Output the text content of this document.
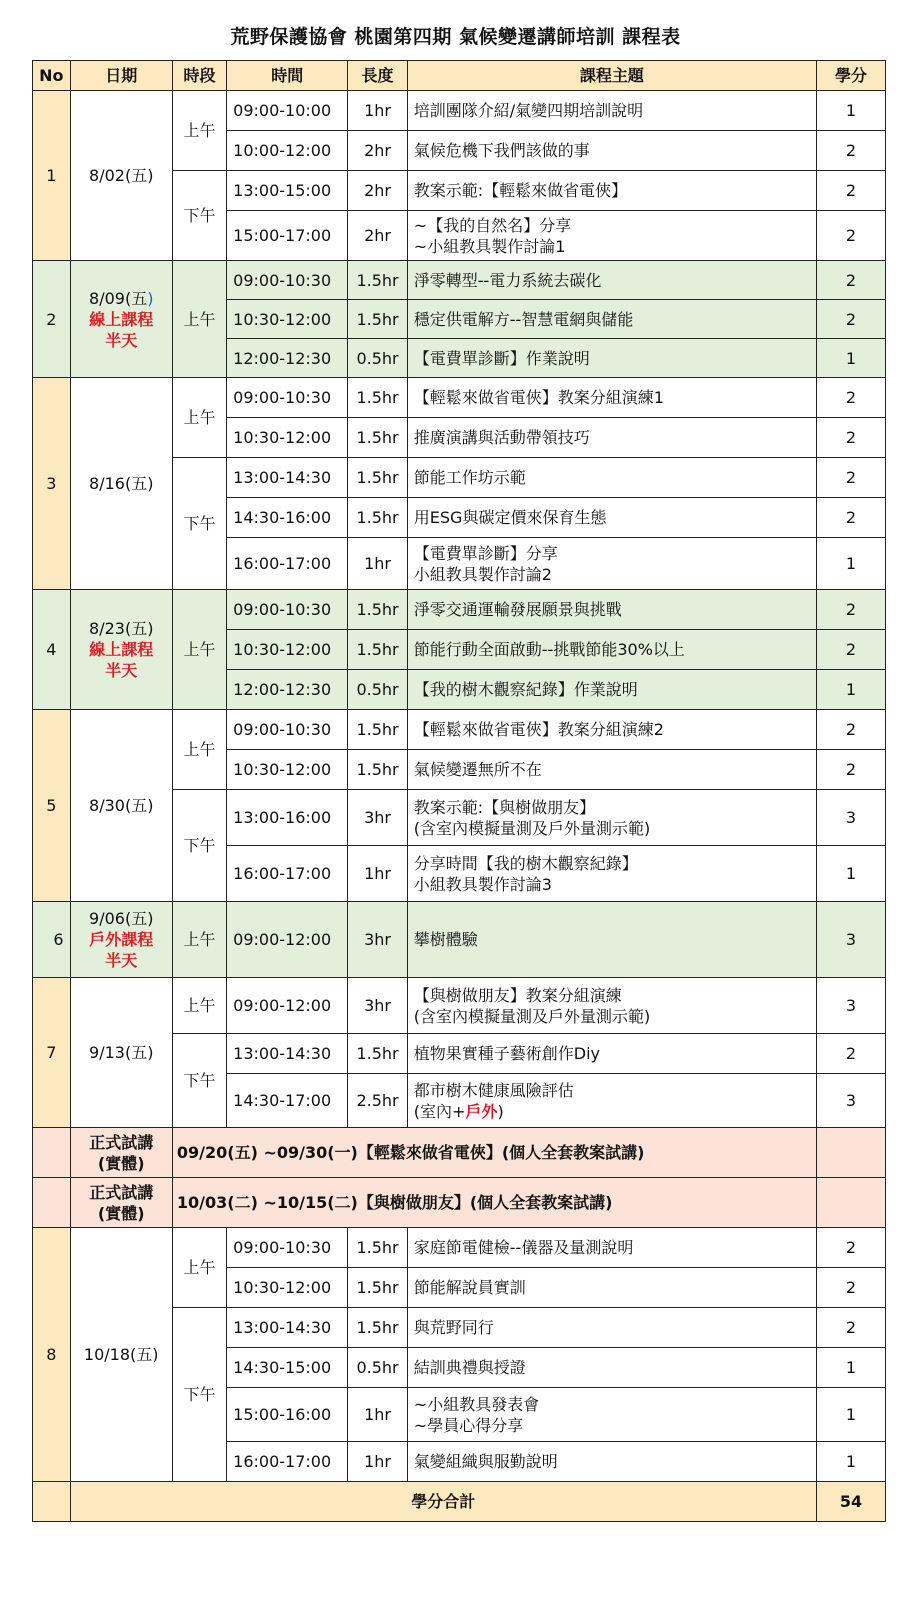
荒野保護協會 桃園第四期 氣候變遷講師培訓 課程表
No	日期	時段	時間	長度	課程主題	學分
1	8/02(五)	上午	09:00-10:00	1hr	培訓團隊介紹/氣變四期培訓說明	1
			10:00-12:00	2hr	氣候危機下我們該做的事	2
		下午	13:00-15:00	2hr	教案示範:【輕鬆來做省電俠】	2
			15:00-17:00	2hr	~【我的自然名】分享
~小組教具製作討論1	2
2	8/09(五)
線上課程
半天	上午	09:00-10:30	1.5hr	淨零轉型--電力系統去碳化	2
			10:30-12:00	1.5hr	穩定供電解方--智慧電網與儲能	2
			12:00-12:30	0.5hr	【電費單診斷】作業說明	1
3	8/16(五)	上午	09:00-10:30	1.5hr	【輕鬆來做省電俠】教案分組演練1	2
			10:30-12:00	1.5hr	推廣演講與活動帶領技巧	2
		下午	13:00-14:30	1.5hr	節能工作坊示範	2
			14:30-16:00	1.5hr	用ESG與碳定價來保育生態	2
			16:00-17:00	1hr	【電費單診斷】分享
小組教具製作討論2	1
4	8/23(五)
線上課程
半天	上午	09:00-10:30	1.5hr	淨零交通運輸發展願景與挑戰	2
			10:30-12:00	1.5hr	節能行動全面啟動--挑戰節能30%以上	2
			12:00-12:30	0.5hr	【我的樹木觀察紀錄】作業說明	1
5	8/30(五)	上午	09:00-10:30	1.5hr	【輕鬆來做省電俠】教案分組演練2	2
			10:30-12:00	1.5hr	氣候變遷無所不在	2
		下午	13:00-16:00	3hr	教案示範:【與樹做朋友】
(含室內模擬量測及戶外量測示範)	3
			16:00-17:00	1hr	分享時間【我的樹木觀察紀錄】
小組教具製作討論3	1
6	9/06(五)
戶外課程
半天	上午	09:00-12:00	3hr	攀樹體驗	3
7	9/13(五)	上午	09:00-12:00	3hr	【與樹做朋友】教案分組演練
(含室內模擬量測及戶外量測示範)	3
		下午	13:00-14:30	1.5hr	植物果實種子藝術創作Diy	2
			14:30-17:00	2.5hr	都市樹木健康風險評估
(室內+戶外)	3

	正式試講
(實體)	09/20(五) ~09/30(一)【輕鬆來做省電俠】(個人全套教案試講)				

	正式試講
(實體)	10/03(二) ~10/15(二)【與樹做朋友】(個人全套教案試講)				
8	10/18(五)	上午	09:00-10:30	1.5hr	家庭節電健檢--儀器及量測說明	2
			10:30-12:00	1.5hr	節能解說員實訓	2
		下午	13:00-14:30	1.5hr	與荒野同行	2
			14:30-15:00	0.5hr	結訓典禮與授證	1
			15:00-16:00	1hr	~小組教具發表會
~學員心得分享	1
			16:00-17:00	1hr	氣變組織與服勤說明	1
	學分合計					54
